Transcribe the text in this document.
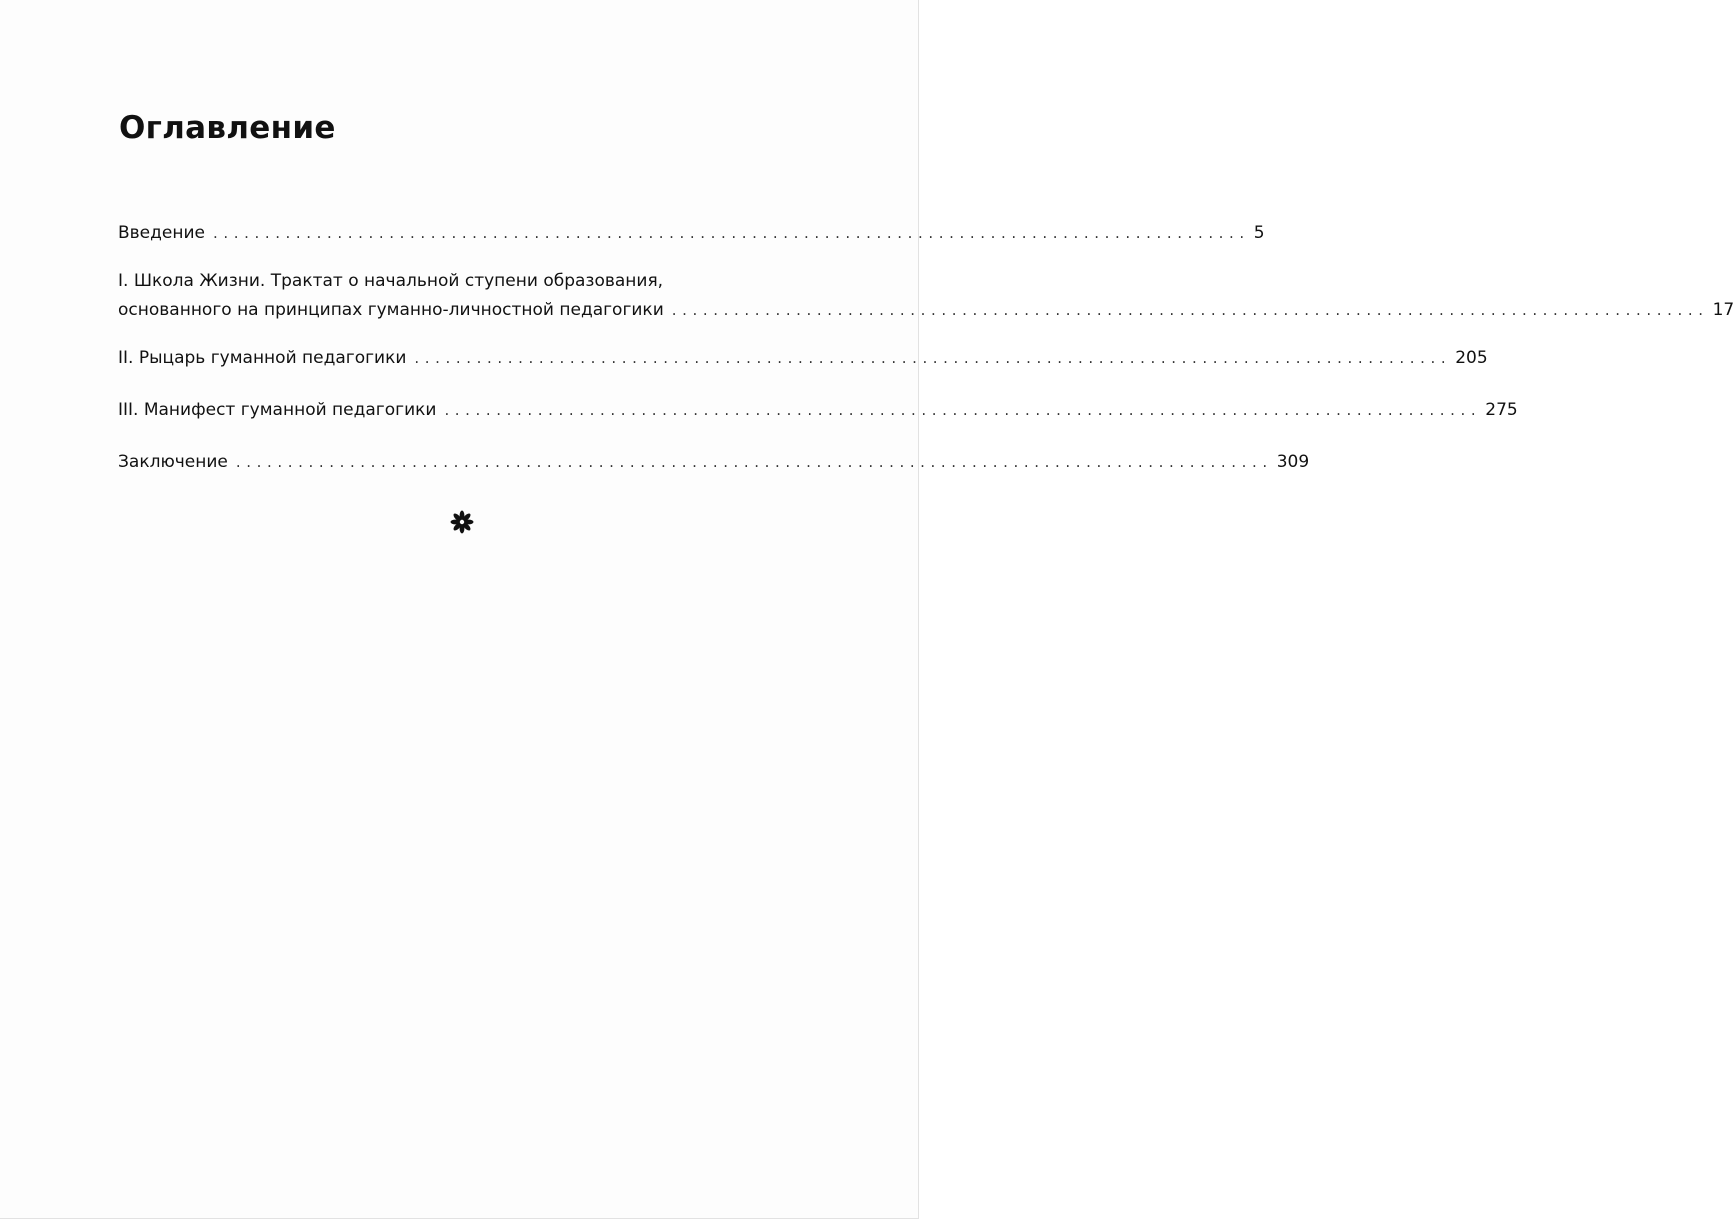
Оглавление
Введение .................................................................................................... 5
I. Школа Жизни. Трактат о начальной ступени образования,
основанного на принципах гуманно-личностной педагогики .................................................................................................... 17
II. Рыцарь гуманной педагогики .................................................................................................... 205
III. Манифест гуманной педагогики .................................................................................................... 275
Заключение .................................................................................................... 309
